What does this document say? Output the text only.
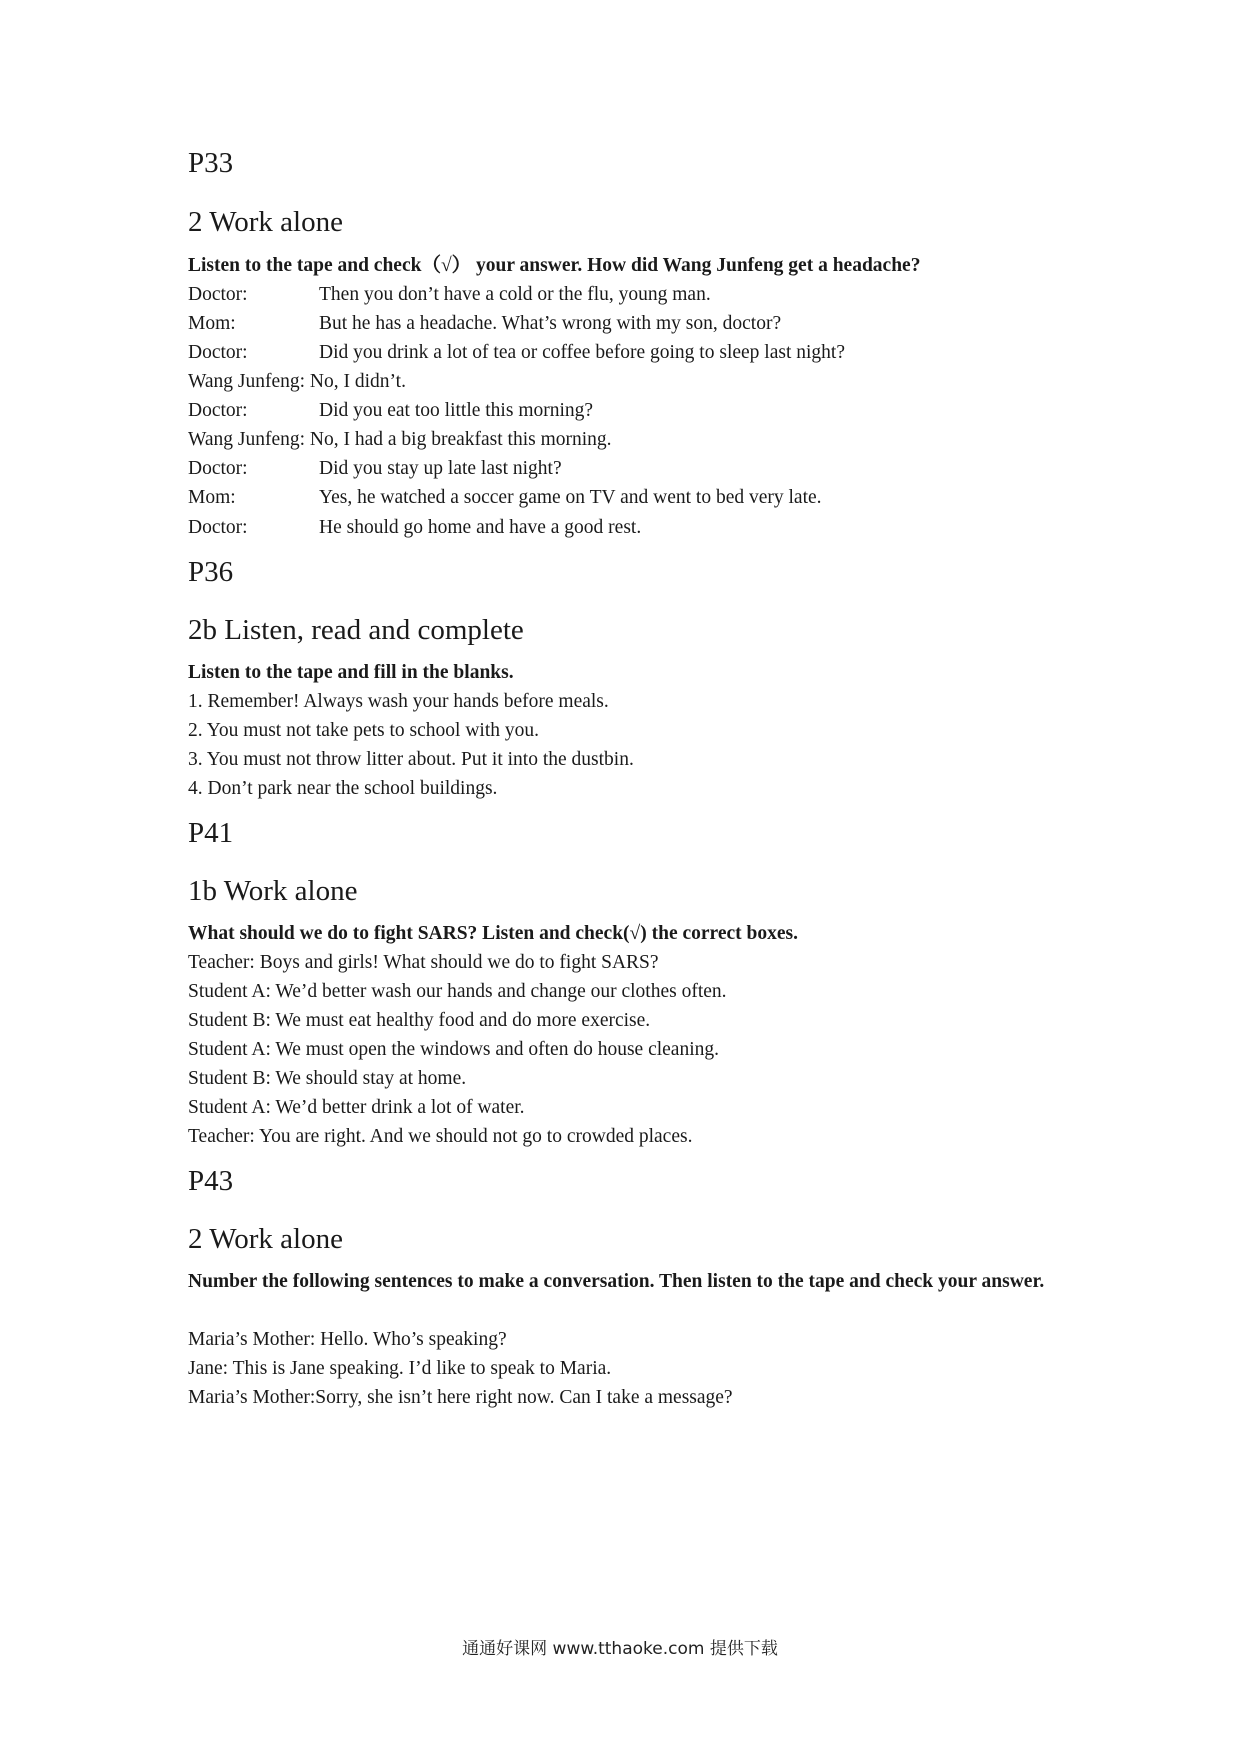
P33

2 Work alone

Listen to the tape and check（√） your answer. How did Wang Junfeng get a headache?

Doctor:	Then you don’t have a cold or the flu, young man.
Mom:	But he has a headache. What’s wrong with my son, doctor?
Doctor:	Did you drink a lot of tea or coffee before going to sleep last night?
Wang Junfeng: No, I didn’t.
Doctor:	Did you eat too little this morning?
Wang Junfeng: No, I had a big breakfast this morning.
Doctor:	Did you stay up late last night?
Mom:	Yes, he watched a soccer game on TV and went to bed very late.
Doctor:	He should go home and have a good rest.

P36

2b Listen, read and complete

Listen to the tape and fill in the blanks.

1. Remember! Always wash your hands before meals.
2. You must not take pets to school with you.
3. You must not throw litter about. Put it into the dustbin.
4. Don’t park near the school buildings.

P41

1b Work alone

What should we do to fight SARS? Listen and check(√) the correct boxes.

Teacher: Boys and girls! What should we do to fight SARS?
Student A: We’d better wash our hands and change our clothes often.
Student B: We must eat healthy food and do more exercise.
Student A: We must open the windows and often do house cleaning.
Student B: We should stay at home.
Student A: We’d better drink a lot of water.
Teacher: You are right. And we should not go to crowded places.

P43

2 Work alone

Number the following sentences to make a conversation. Then listen to the tape and check your answer.

Maria’s Mother: Hello. Who’s speaking?
Jane: This is Jane speaking. I’d like to speak to Maria.
Maria’s Mother:Sorry, she isn’t here right now. Can I take a message?
通通好课网 www.tthaoke.com 提供下载
